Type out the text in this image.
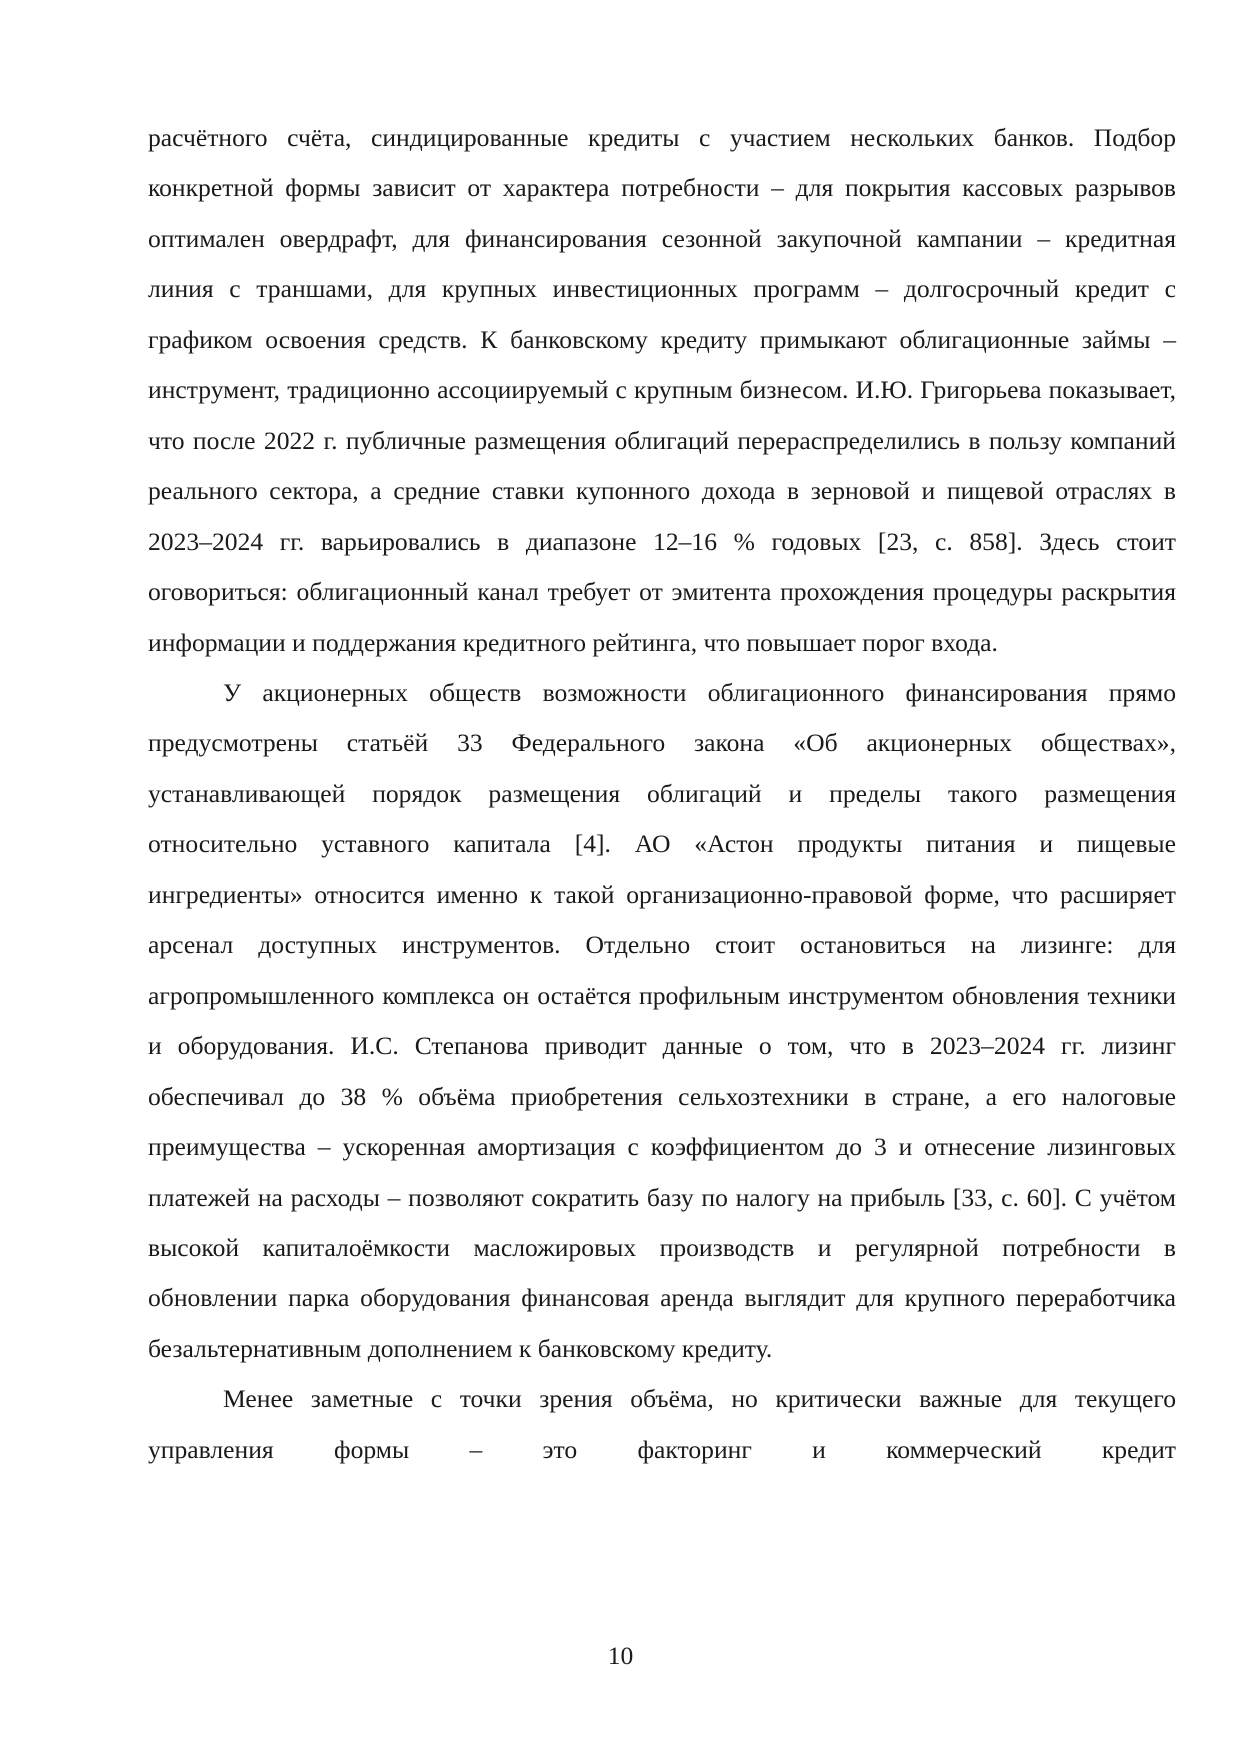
расчётного счёта, синдицированные кредиты с участием нескольких банков. Подбор конкретной формы зависит от характера потребности – для покрытия кассовых разрывов оптимален овердрафт, для финансирования сезонной закупочной кампании – кредитная линия с траншами, для крупных инвестиционных программ – долгосрочный кредит с графиком освоения средств. К банковскому кредиту примыкают облигационные займы – инструмент, традиционно ассоциируемый с крупным бизнесом. И.Ю. Григорьева показывает, что после 2022 г. публичные размещения облигаций перераспределились в пользу компаний реального сектора, а средние ставки купонного дохода в зерновой и пищевой отраслях в 2023–2024 гг. варьировались в диапазоне 12–16 % годовых [23, с. 858]. Здесь стоит оговориться: облигационный канал требует от эмитента прохождения процедуры раскрытия информации и поддержания кредитного рейтинга, что повышает порог входа.

У акционерных обществ возможности облигационного финансирования прямо предусмотрены статьёй 33 Федерального закона «Об акционерных обществах», устанавливающей порядок размещения облигаций и пределы такого размещения относительно уставного капитала [4]. АО «Астон продукты питания и пищевые ингредиенты» относится именно к такой организационно-правовой форме, что расширяет арсенал доступных инструментов. Отдельно стоит остановиться на лизинге: для агропромышленного комплекса он остаётся профильным инструментом обновления техники и оборудования. И.С. Степанова приводит данные о том, что в 2023–2024 гг. лизинг обеспечивал до 38 % объёма приобретения сельхозтехники в стране, а его налоговые преимущества – ускоренная амортизация с коэффициентом до 3 и отнесение лизинговых платежей на расходы – позволяют сократить базу по налогу на прибыль [33, с. 60]. С учётом высокой капиталоёмкости масложировых производств и регулярной потребности в обновлении парка оборудования финансовая аренда выглядит для крупного переработчика безальтернативным дополнением к банковскому кредиту.

Менее заметные с точки зрения объёма, но критически важные для текущего управления формы – это факторинг и коммерческий кредит

10
